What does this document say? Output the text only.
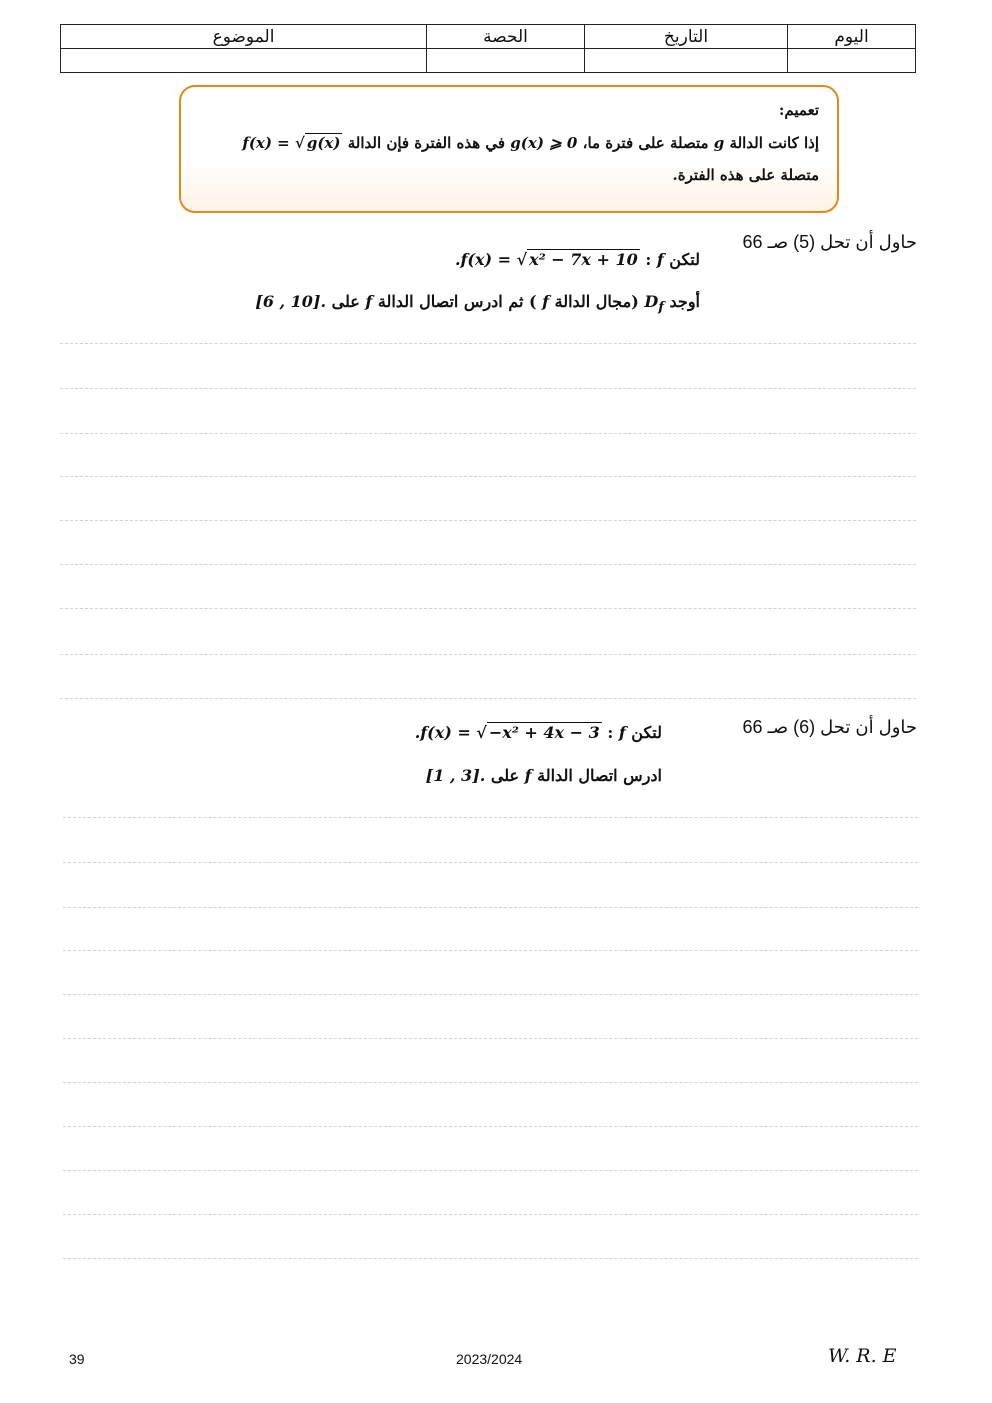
اليوم	التاريخ	الحصة	الموضوع

تعميم:
إذا كانت الدالة g متصلة على فترة ما، g(x) ⩾ 0 في هذه الفترة فإن الدالة f(x) = √ g(x)
متصلة على هذه الفترة.
حاول أن تحل (5) صـ 66
لتكن f : .f(x) = √ x² − 7x + 10
أوجد $D_f$ (مجال الدالة f ) ثم ادرس اتصال الدالة f على [6 , 10].
حاول أن تحل (6) صـ 66
لتكن f : .f(x) = √ −x² + 4x − 3
ادرس اتصال الدالة f على [1 , 3].
39	2023/2024	W. R. E
